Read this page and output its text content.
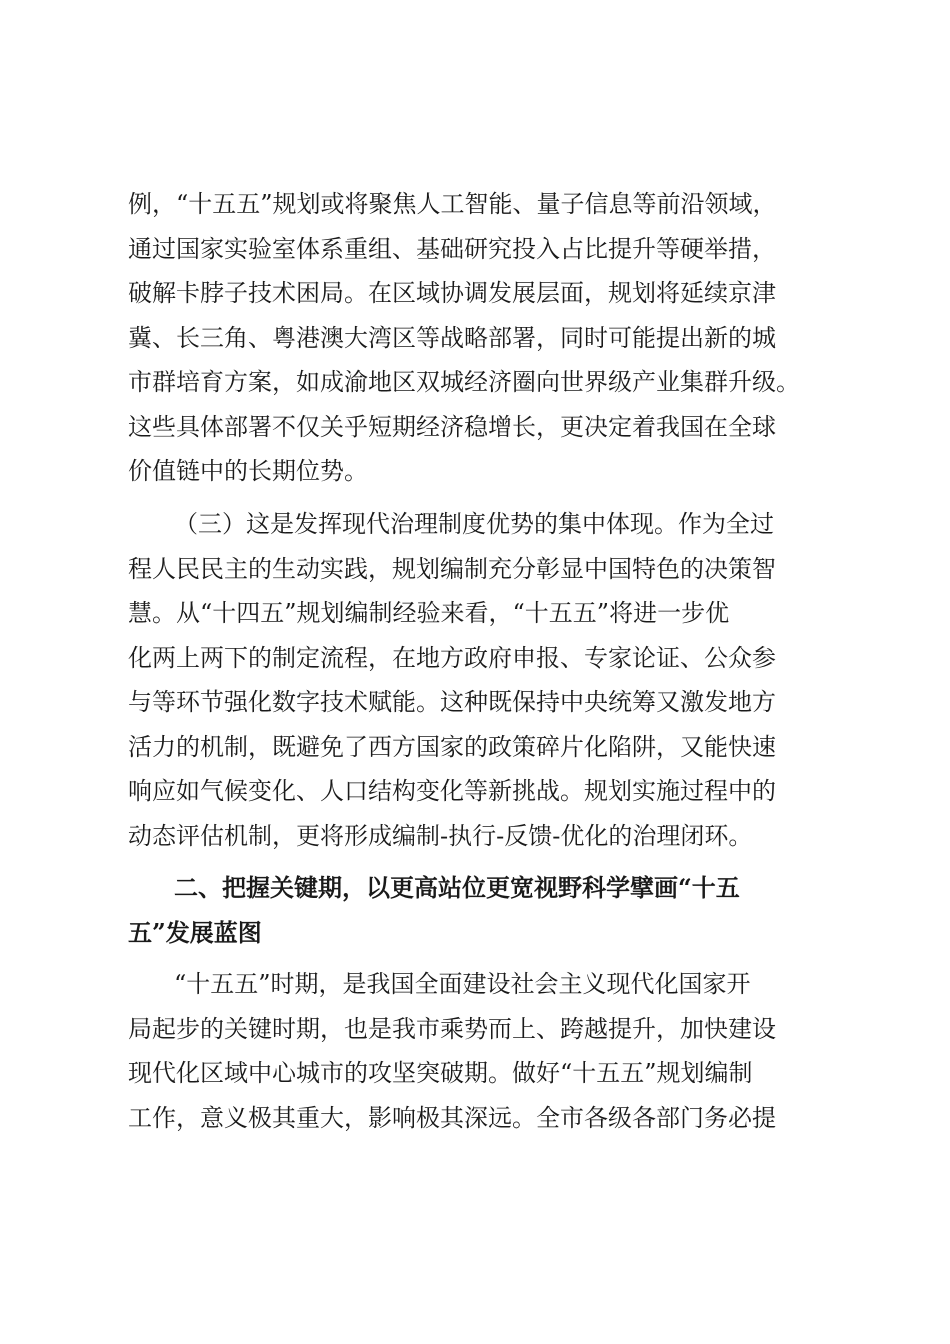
例，“十五五”规划或将聚焦人工智能、量子信息等前沿领域，
通过国家实验室体系重组、基础研究投入占比提升等硬举措，
破解卡脖子技术困局。在区域协调发展层面，规划将延续京津
冀、长三角、粤港澳大湾区等战略部署，同时可能提出新的城
市群培育方案，如成渝地区双城经济圈向世界级产业集群升级。
这些具体部署不仅关乎短期经济稳增长，更决定着我国在全球
价值链中的长期位势。
（三）这是发挥现代治理制度优势的集中体现。作为全过
程人民民主的生动实践，规划编制充分彰显中国特色的决策智
慧。从“十四五”规划编制经验来看，“十五五”将进一步优
化两上两下的制定流程，在地方政府申报、专家论证、公众参
与等环节强化数字技术赋能。这种既保持中央统筹又激发地方
活力的机制，既避免了西方国家的政策碎片化陷阱，又能快速
响应如气候变化、人口结构变化等新挑战。规划实施过程中的
动态评估机制，更将形成编制-执行-反馈-优化的治理闭环。
二、把握关键期，以更高站位更宽视野科学擘画“十五
五”发展蓝图
“十五五”时期，是我国全面建设社会主义现代化国家开
局起步的关键时期，也是我市乘势而上、跨越提升，加快建设
现代化区域中心城市的攻坚突破期。做好“十五五”规划编制
工作，意义极其重大，影响极其深远。全市各级各部门务必提
